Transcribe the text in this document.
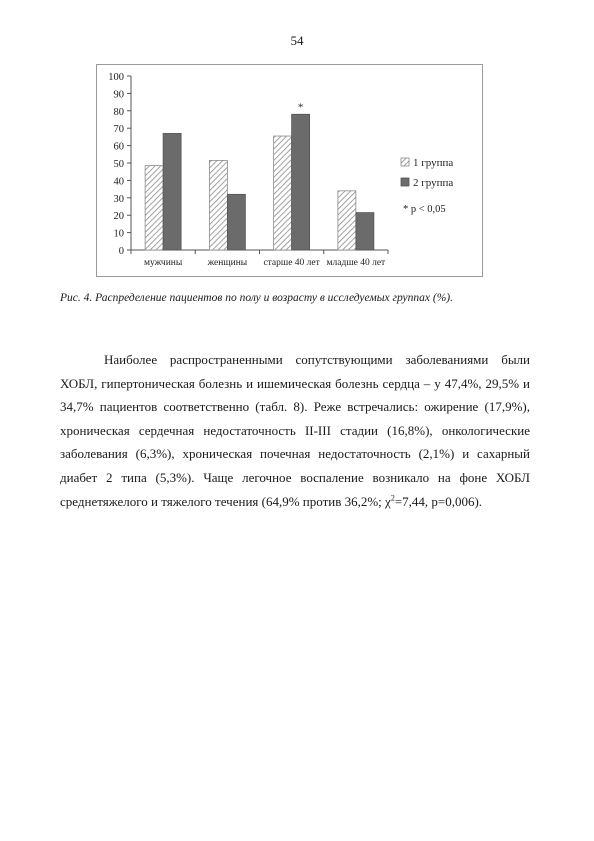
54
0
10
20
30
40
50
60
70
80
90
100
мужчины	женщины старше 40 лет
*
младше 40 лет
1 группа
2 группа
* p < 0,05
Рис. 4. Распределение пациентов по полу и возрасту в исследуемых группах (%).

Наиболее распространенными сопутствующими заболеваниями были ХОБЛ, гипертоническая болезнь и ишемическая болезнь сердца – у 47,4%, 29,5% и 34,7% пациентов соответственно (табл. 8). Реже встречались: ожирение (17,9%), хроническая сердечная недостаточность II-III стадии (16,8%), онкологические заболевания (6,3%), хроническая почечная недостаточность (2,1%) и сахарный диабет 2 типа (5,3%). Чаще легочное воспаление возникало на фоне ХОБЛ среднетяжелого и тяжелого течения (64,9% против 36,2%; $\chi^2=7,44$, p=0,006).
